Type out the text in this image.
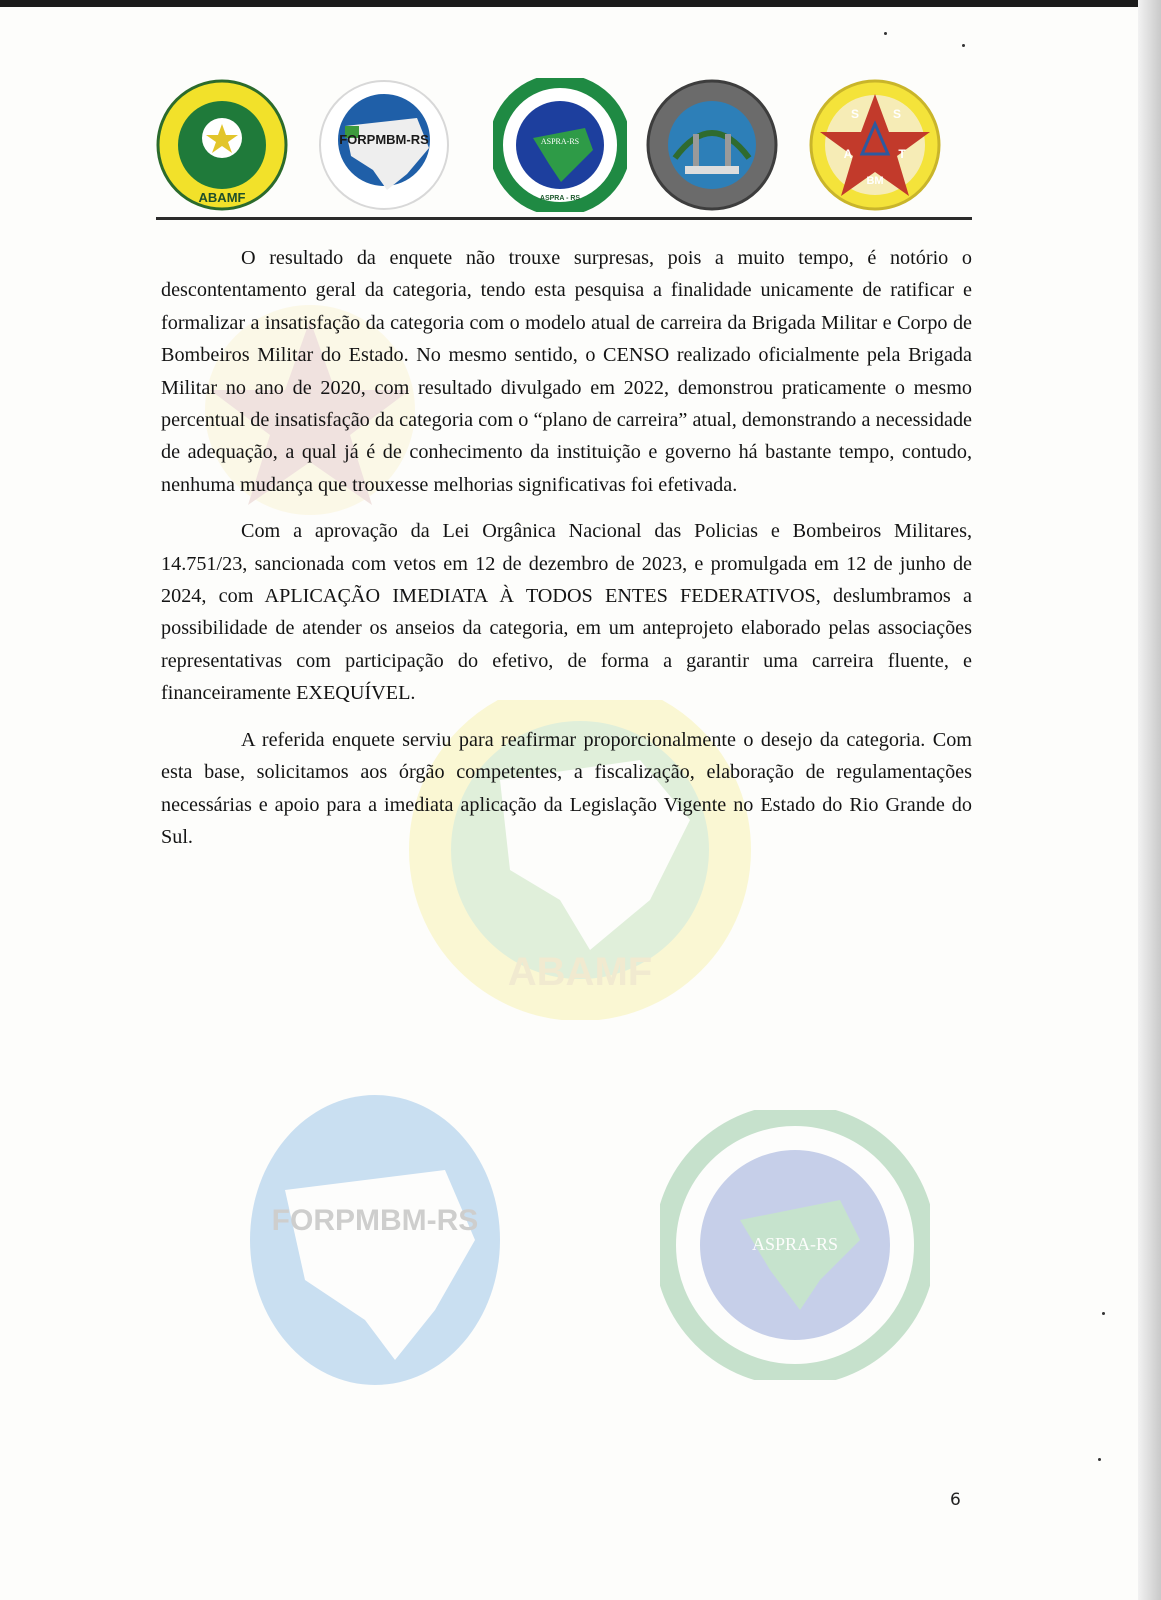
ABAMF
FORPMBM-RS
ASPRA-RS
ABAMF
FORPMBM-RS	ASPRA-RS
ASPRA - RS
S	S
A	T
BM

O resultado da enquete não trouxe surpresas, pois a muito tempo, é notório o descontentamento geral da categoria, tendo esta pesquisa a finalidade unicamente de ratificar e formalizar a insatisfação da categoria com o modelo atual de carreira da Brigada Militar e Corpo de Bombeiros Militar do Estado. No mesmo sentido, o CENSO realizado oficialmente pela Brigada Militar no ano de 2020, com resultado divulgado em 2022, demonstrou praticamente o mesmo percentual de insatisfação da categoria com o “plano de carreira” atual, demonstrando a necessidade de adequação, a qual já é de conhecimento da instituição e governo há bastante tempo, contudo, nenhuma mudança que trouxesse melhorias significativas foi efetivada.

Com a aprovação da Lei Orgânica Nacional das Policias e Bombeiros Militares, 14.751/23, sancionada com vetos em 12 de dezembro de 2023, e promulgada em 12 de junho de 2024, com APLICAÇÃO IMEDIATA À TODOS ENTES FEDERATIVOS, deslumbramos a possibilidade de atender os anseios da categoria, em um anteprojeto elaborado pelas associações representativas com participação do efetivo, de forma a garantir uma carreira fluente, e financeiramente EXEQUÍVEL.

A referida enquete serviu para reafirmar proporcionalmente o desejo da categoria. Com esta base, solicitamos aos órgão competentes, a fiscalização, elaboração de regulamentações necessárias e apoio para a imediata aplicação da Legislação Vigente no Estado do Rio Grande do Sul.

6
